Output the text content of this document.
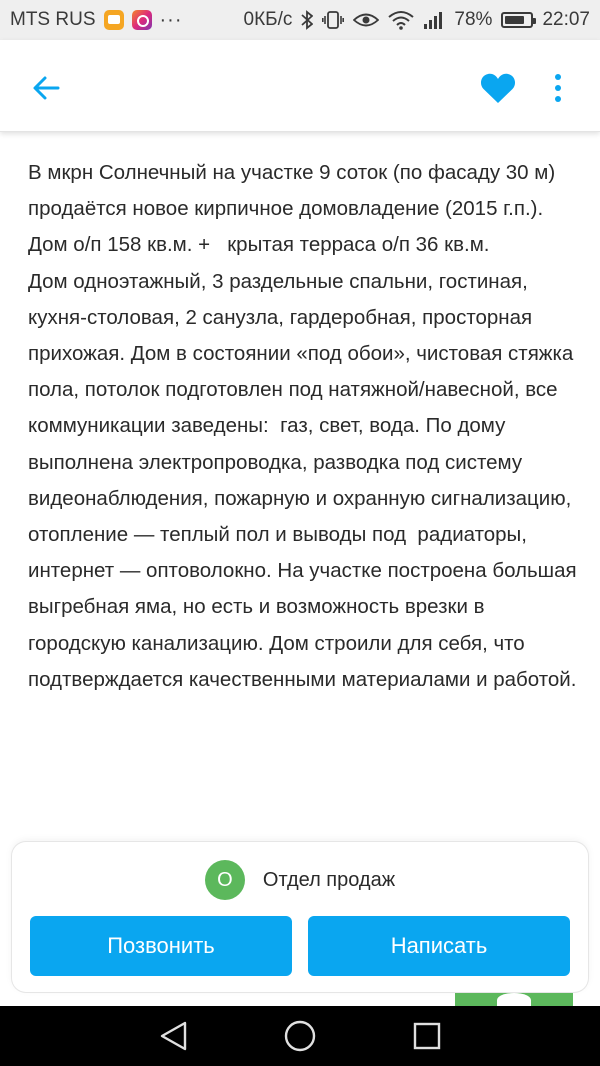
MTS RUS	···	0КБ/с	78%	22:07

В мкрн Солнечный на участке 9 соток (по фасаду 30 м) продаётся новое кирпичное домовладение (2015 г.п.). Дом о/п 158 кв.м. +   крытая терраса о/п 36 кв.м.
Дом одноэтажный, 3 раздельные спальни, гостиная, кухня-столовая, 2 санузла, гардеробная, просторная прихожая. Дом в состоянии «под обои», чистовая стяжка пола, потолок подготовлен под натяжной/навесной, все коммуникации заведены:  газ, свет, вода. По дому выполнена электропроводка, разводка под систему видеонаблюдения, пожарную и охранную сигнализацию, отопление — теплый пол и выводы под  радиаторы, интернет — оптоволокно. На участке построена большая выгребная яма, но есть и возможность врезки в городскую канализацию. Дом строили для себя, что подтверждается качественными материалами и работой.

О	Отдел продаж
Позвонить	Написать
